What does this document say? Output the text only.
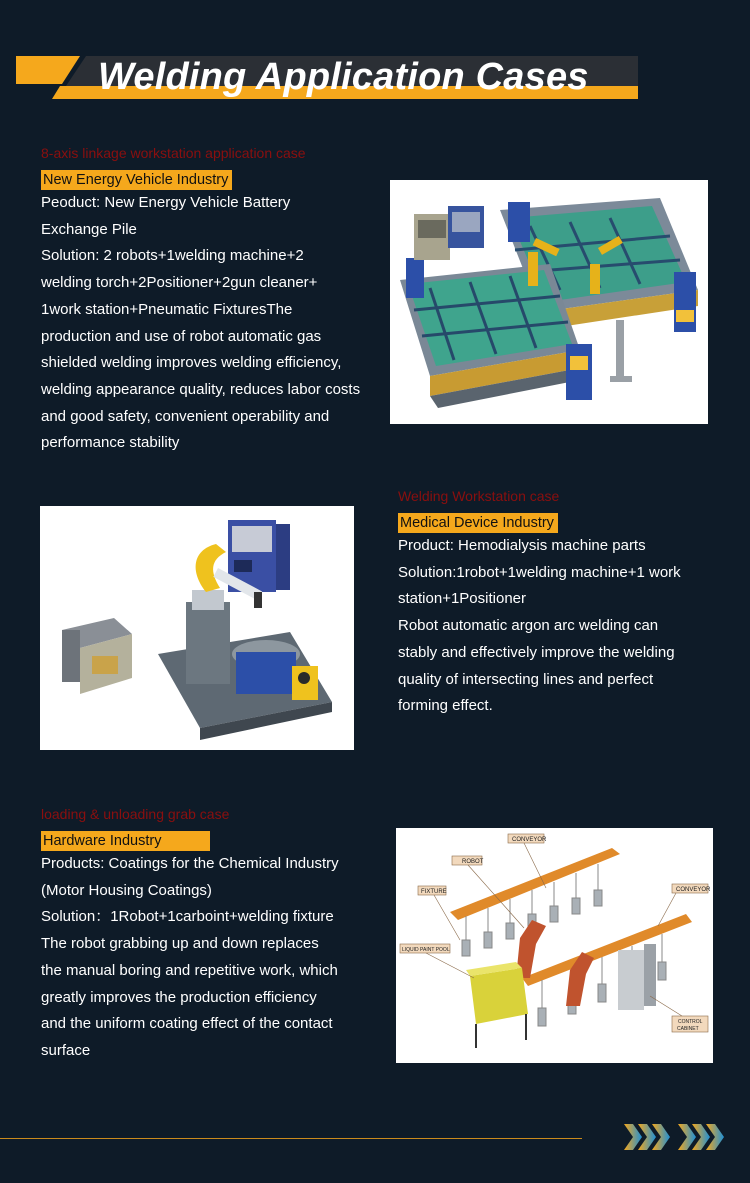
Welding Application Cases
8-axis linkage workstation application case
New Energy Vehicle Industry
Peoduct: New Energy Vehicle Battery
Exchange Pile
Solution: 2 robots+1welding machine+2
welding torch+2Positioner+2gun cleaner+
1work station+Pneumatic FixturesThe
production and use of robot automatic gas
shielded welding improves welding efficiency,
welding appearance quality, reduces labor costs
and good safety, convenient operability and
performance stability
Welding Workstation case
Medical Device Industry
Product: Hemodialysis machine parts
Solution:1robot+1welding machine+1 work
station+1Positioner
Robot automatic argon arc welding can
stably and effectively improve the welding
quality of intersecting lines and perfect
forming effect.
loading & unloading grab case
Hardware Industry
Products: Coatings for the Chemical Industry
(Motor Housing Coatings)
Solution：1Robot+1carboint+welding fixture
The robot grabbing up and down replaces
the manual boring and repetitive work, which
greatly improves the production efficiency
and the uniform coating effect of the contact
surface
CONVEYOR
ROBOT
FIXTURE	CONVEYOR
LIQUID PAINT POOL
CONTROL
CABINET
